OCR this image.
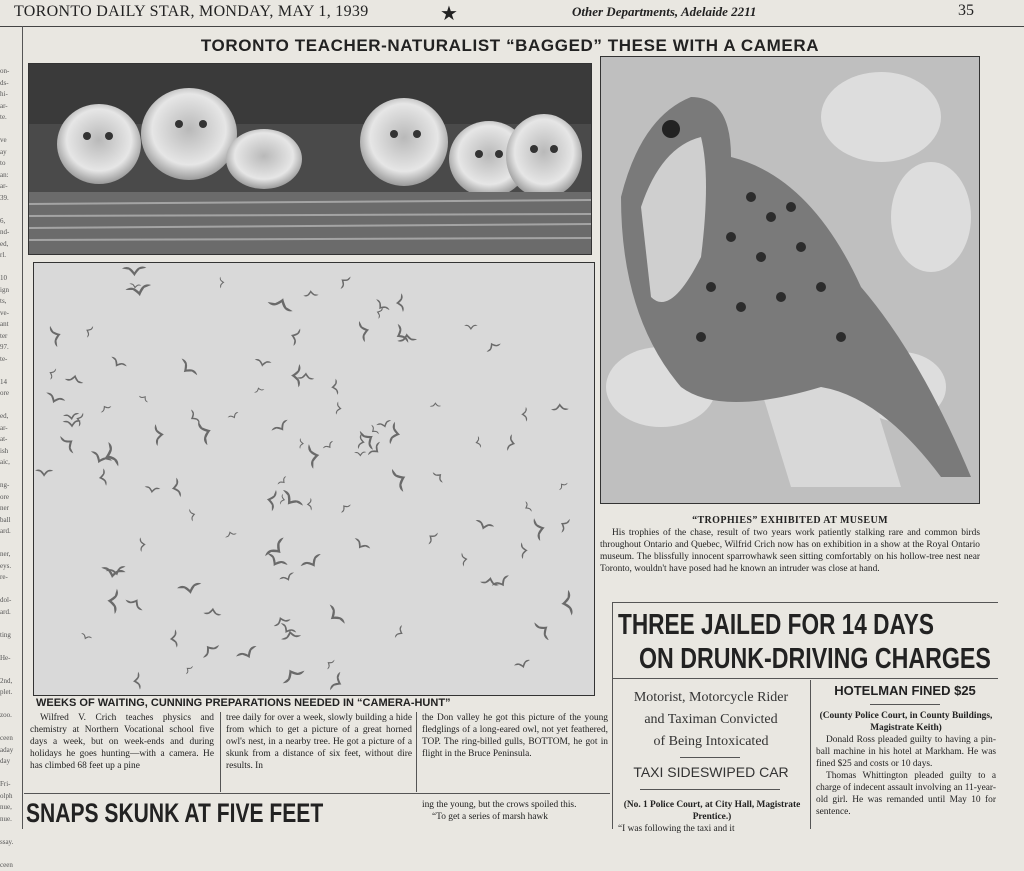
TORONTO DAILY STAR, MONDAY, MAY 1, 1939	★	Other Departments, Adelaide 2211	35
on-
ds-
hi-
ar-
te.

ve
ay
to
an:
ar-
39.

6,
nd-
ed,
rl.

10
ign
ts,
ve-
ant
ter
97.
te-

14
ore

ed,
ar-
at-
ish
aic,

ng-
ore
ner
ball
ard.

ner,
eys.
re-

dol-
ard.

ting

He-

2nd,
plet.

zoo.

ceen
aday
day

Fri-
olph
nue,
nue.

ssay.

ceen
TORONTO TEACHER-NATURALIST “BAGGED” THESE WITH A CAMERA
“TROPHIES” EXHIBITED AT MUSEUM
His trophies of the chase, result of two years work patiently stalking rare and common birds throughout Ontario and Quebec, Wilfrid Crich now has on exhibition in a show at the Royal Ontario museum. The blissfully innocent sparrowhawk seen sitting comfortably on his hollow-tree nest near Toronto, wouldn't have posed had he known an intruder was close at hand.
WEEKS OF WAITING, CUNNING PREPARATIONS NEEDED IN “CAMERA-HUNT”
Wilfred V. Crich teaches physics and chemistry at Northern Vocational school five days a week, but on week-ends and during holidays he goes hunting—with a camera. He has climbed 68 feet up a pine
tree daily for over a week, slowly building a hide from which to get a picture of a great horned owl's nest, in a nearby tree. He got a picture of a skunk from a distance of six feet, without dire results. In
the Don valley he got this picture of the young fledglings of a long-eared owl, not yet feathered, TOP. The ring-billed gulls, BOTTOM, he got in flight in the Bruce Peninsula.
SNAPS SKUNK AT FIVE FEET	ing the young, but the crows spoiled this.
“To get a series of marsh hawk
THREE JAILED FOR 14 DAYS
ON DRUNK-DRIVING CHARGES
Motorist, Motorcycle Rider
and Taximan Convicted
of Being Intoxicated
TAXI SIDESWIPED CAR
(No. 1 Police Court, at City Hall, Magistrate Prentice.)
“I was following the taxi and it
HOTELMAN FINED $25
(County Police Court, in County Buildings, Magistrate Keith)
Donald Ross pleaded guilty to having a pin-ball machine in his hotel at Markham. He was fined $25 and costs or 10 days.
Thomas Whittington pleaded guilty to a charge of indecent assault involving an 11-year-old girl. He was remanded until May 10 for sentence.
